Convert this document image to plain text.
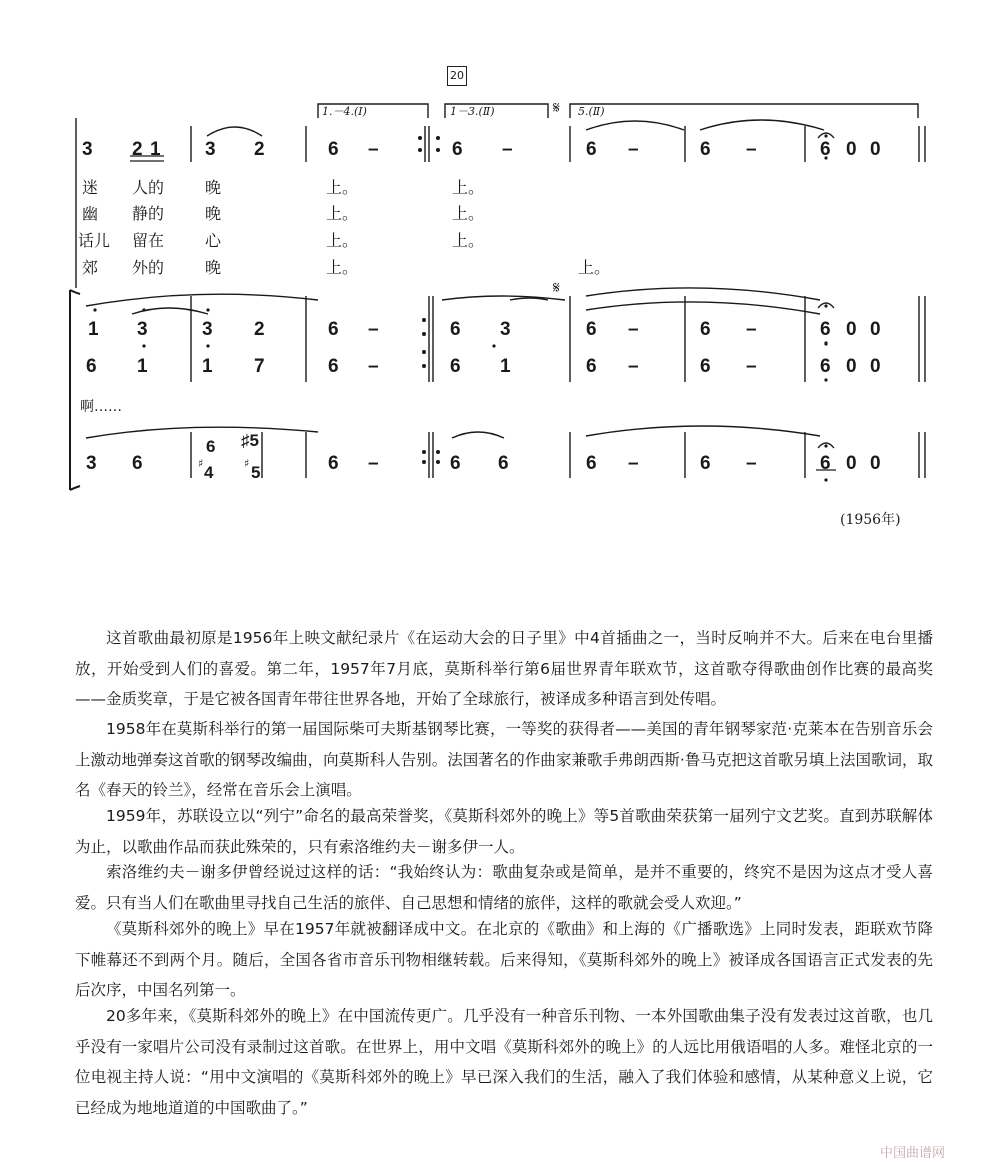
20
1.－4.(Ⅰ)	1－3.(Ⅱ)	5.(Ⅱ)
𝄋
𝄋
3 2 1 3 2	6 –	6 –	6 –	6 –	6 0 0
迷 人的	晚	上。	上。
幽 静的	晚	上。	上。
话儿 留在	心	上。	上。
郊 外的	晚	上。	上。
1 3	3 2	6 –	6 3	6 –	6 –	6 0 0
6 1	1 7	6 –	6 1	6 –	6 –	6 0 0
啊……
3 6
6 ♯5
4 5
♯	♯	6 –	6 6	6 –	6 –	6 0 0
(1956年)

这首歌曲最初原是1956年上映文献纪录片《在运动大会的日子里》中4首插曲之一，当时反响并不大。后来在电台里播放，开始受到人们的喜爱。第二年，1957年7月底，莫斯科举行第6届世界青年联欢节，这首歌夺得歌曲创作比赛的最高奖——金质奖章，于是它被各国青年带往世界各地，开始了全球旅行，被译成多种语言到处传唱。

1958年在莫斯科举行的第一届国际柴可夫斯基钢琴比赛，一等奖的获得者——美国的青年钢琴家范·克莱本在告别音乐会上激动地弹奏这首歌的钢琴改编曲，向莫斯科人告别。法国著名的作曲家兼歌手弗朗西斯·鲁马克把这首歌另填上法国歌词，取名《春天的铃兰》，经常在音乐会上演唱。

1959年，苏联设立以“列宁”命名的最高荣誉奖，《莫斯科郊外的晚上》等5首歌曲荣获第一届列宁文艺奖。直到苏联解体为止，以歌曲作品而获此殊荣的，只有索洛维约夫－谢多伊一人。

索洛维约夫－谢多伊曾经说过这样的话：“我始终认为：歌曲复杂或是简单，是并不重要的，终究不是因为这点才受人喜爱。只有当人们在歌曲里寻找自己生活的旅伴、自己思想和情绪的旅伴，这样的歌就会受人欢迎。”

《莫斯科郊外的晚上》早在1957年就被翻译成中文。在北京的《歌曲》和上海的《广播歌选》上同时发表，距联欢节降下帷幕还不到两个月。随后，全国各省市音乐刊物相继转载。后来得知，《莫斯科郊外的晚上》被译成各国语言正式发表的先后次序，中国名列第一。

20多年来，《莫斯科郊外的晚上》在中国流传更广。几乎没有一种音乐刊物、一本外国歌曲集子没有发表过这首歌，也几乎没有一家唱片公司没有录制过这首歌。在世界上，用中文唱《莫斯科郊外的晚上》的人远比用俄语唱的人多。难怪北京的一位电视主持人说：“用中文演唱的《莫斯科郊外的晚上》早已深入我们的生活，融入了我们体验和感情，从某种意义上说，它已经成为地地道道的中国歌曲了。”

中国曲谱网
